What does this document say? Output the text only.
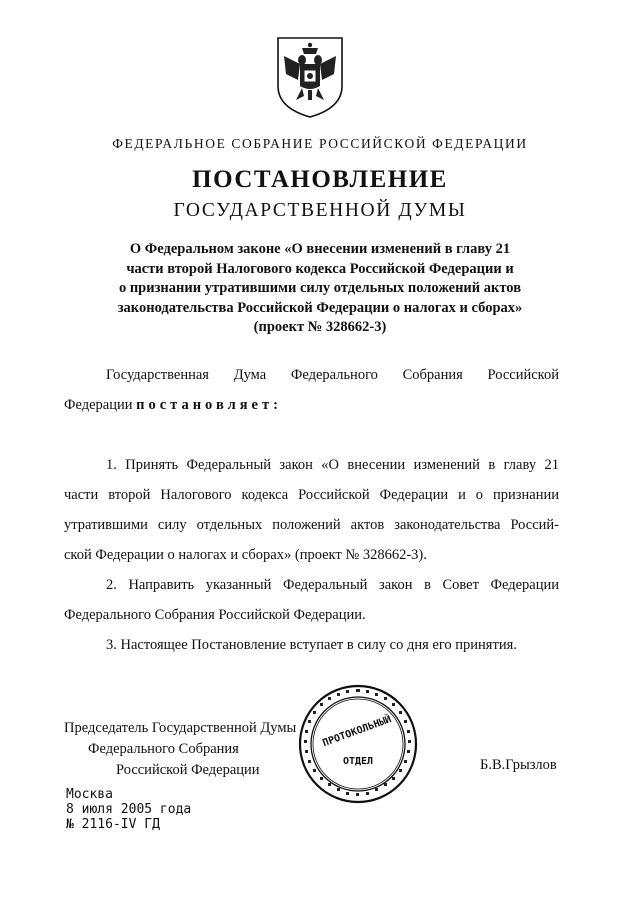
ФЕДЕРАЛЬНОЕ СОБРАНИЕ РОССИЙСКОЙ ФЕДЕРАЦИИ
ПОСТАНОВЛЕНИЕ
ГОСУДАРСТВЕННОЙ ДУМЫ
О Федеральном законе «О внесении изменений в главу 21
части второй Налогового кодекса Российской Федерации и
о признании утратившими силу отдельных положений актов
законодательства Российской Федерации о налогах и сборах»
(проект № 328662-3)
Государственная Дума Федерального Собрания Российской
Федерации постановляет:
1. Принять Федеральный закон «О внесении изменений в главу 21
части второй Налогового кодекса Российской Федерации и о признании
утратившими силу отдельных положений актов законодательства Россий-
ской Федерации о налогах и сборах» (проект № 328662-3).
2. Направить указанный Федеральный закон в Совет Федерации
Федерального Собрания Российской Федерации.
3. Настоящее Постановление вступает в силу со дня его принятия.
Председатель Государственной Думы
Федерального Собрания
Российской Федерации
ПРОТОКОЛЬНЫЙ
ОТДЕЛ	Б.В.Грызлов
Москва
8 июля 2005 года
№ 2116-IV ГД
